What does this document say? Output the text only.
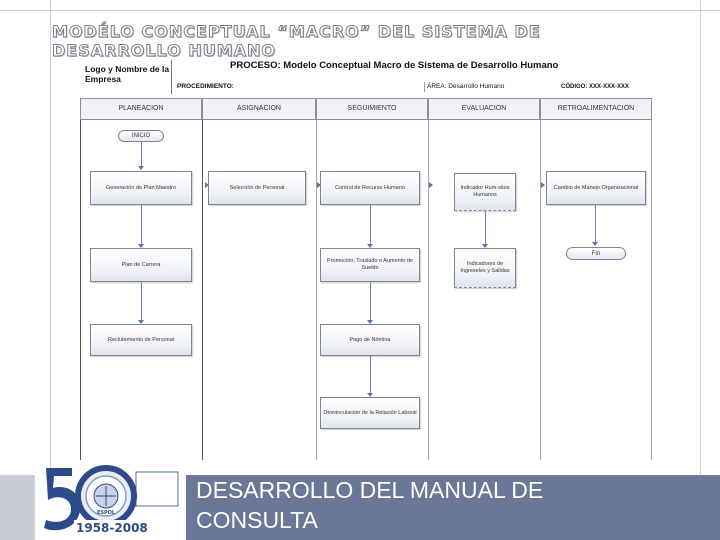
MODÉLO CONCEPTUAL “MACRO” DEL SISTEMA DE DESARROLLO HUMANO
Logo y Nombre de la Empresa
PROCESO: Modelo Conceptual Macro de Sistema de Desarrollo Humano
PROCEDIMIENTO:	ÁREA: Desarrollo Humano	CÓDIGO: XXX-XXX-XXX
PLANEACION	ASIGNACION	SEGUIMIENTO	EVALUACION	RETROALIMENTACION
INICIO
Generación de Plan Maestro
Plan de Carrera
Reclutamiento de Personal
Selección de Personal	Control de Recurso Humano
Promoción, Traslado o Aumento de Sueldo
Pago de Nómina
Desvinculación de la Relación Laboral
Indicador Hum-sitos Humanos
Indicadores de Ingreseles y Salidas
Cambio de Manejo Organizacional
Fin
ESPOL
1958-2008
DESARROLLO DEL MANUAL DE CONSULTA
